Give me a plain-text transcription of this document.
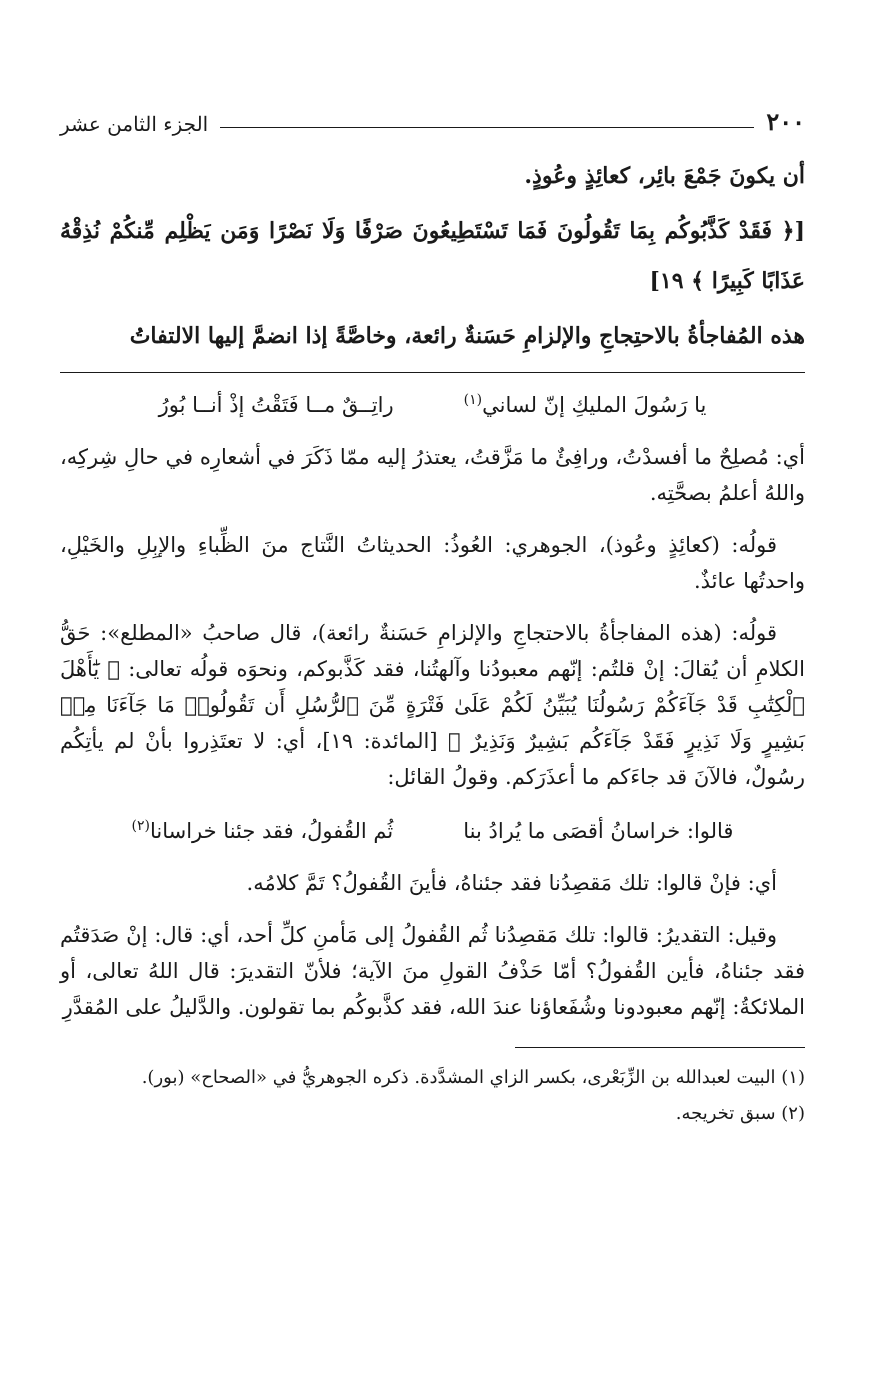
٢٠٠
الجزء الثامن عشر

أن يكونَ جَمْعَ بائِر، كعائِذٍ وعُوذٍ.

[﴿ فَقَدْ كَذَّبُوكُم بِمَا تَقُولُونَ فَمَا تَسْتَطِيعُونَ صَرْفًا وَلَا نَصْرًا وَمَن يَظْلِم مِّنكُمْ نُذِقْهُ عَذَابًا كَبِيرًا ﴾ ١٩]

هذه المُفاجأةُ بالاحتِجاجِ والإلزامِ حَسَنةٌ رائعة، وخاصَّةً إذا انضمَّ إليها الالتفاتُ

يا رَسُولَ المليكِ إنّ لساني$^{(١)}$
راتِــقٌ مــا فَتَقْتُ إذْ أنــا بُورُ

أي: مُصلِحٌ ما أفسدْتُ، ورافِئٌ ما مَزَّقتُ، يعتذرُ إليه ممّا ذَكَرَ في أشعارِه في حالِ شِركِه، واللهُ أعلمُ بصحَّتِه.

قولُه: (كعائِذٍ وعُوذ)، الجوهري: العُوذُ: الحديثاتُ النَّتاج منَ الظِّباءِ والإبِلِ والخَيْلِ، واحدتُها عائذٌ.

قولُه: (هذه المفاجأةُ بالاحتجاجِ والإلزامِ حَسَنةٌ رائعة)، قال صاحبُ «المطلع»: حَقُّ الكلامِ أن يُقالَ: إنْ قلتُم: إنّهم معبودُنا وآلهتُنا، فقد كَذَّبوكم، ونحوَه قولُه تعالى: ﴿ يَٰٓأَهْلَ ٱلْكِتَٰبِ قَدْ جَآءَكُمْ رَسُولُنَا يُبَيِّنُ لَكُمْ عَلَىٰ فَتْرَةٍ مِّنَ ٱلرُّسُلِ أَن تَقُولُوا۟ مَا جَآءَنَا مِنۢ بَشِيرٍ وَلَا نَذِيرٍ فَقَدْ جَآءَكُم بَشِيرٌ وَنَذِيرٌ ﴾ [المائدة: ١٩]، أي: لا تعتَذِروا بأنْ لم يأتِكُم رسُولٌ، فالآنَ قد جاءَكم ما أعذَرَكم. وقولُ القائل:

قالوا: خراسانُ أقصَى ما يُرادُ بنا
ثُم القُفولُ، فقد جئنا خراسانا$^{(٢)}$

أي: فإنْ قالوا: تلك مَقصِدُنا فقد جئناهُ، فأينَ القُفولُ؟ تَمَّ كلامُه.

وقيل: التقديرُ: قالوا: تلك مَقصِدُنا ثُم القُفولُ إلى مَأمنِ كلِّ أحد، أي: قال: إنْ صَدَقتُم فقد جئناهُ، فأين القُفولُ؟ أمّا حَذْفُ القولِ منَ الآية؛ فلأنّ التقديرَ: قال اللهُ تعالى، أو الملائكةُ: إنّهم معبودونا وشُفَعاؤنا عندَ الله، فقد كذَّبوكُم بما تقولون. والدَّليلُ على المُقدَّرِ

(١) البيت لعبدالله بن الزِّبَعْرى، بكسر الزاي المشدَّدة. ذكره الجوهريُّ في «الصحاح» (بور).

(٢) سبق تخريجه.
